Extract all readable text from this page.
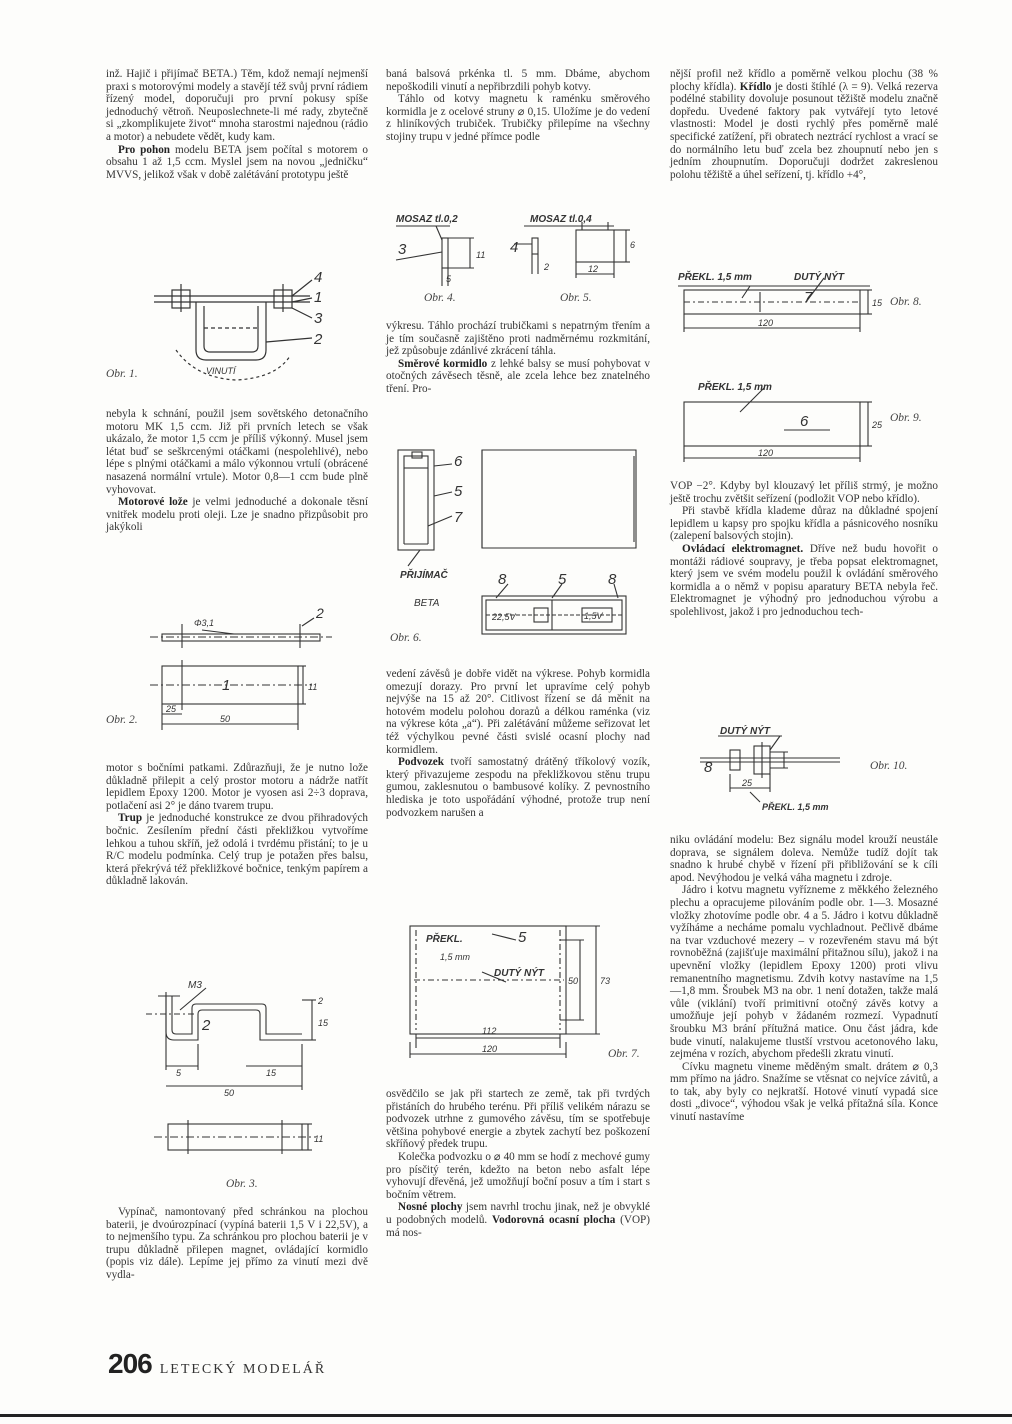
inž. Hajič i přijímač BETA.) Těm, kdož nemají nejmenší praxi s motorovými modely a stavějí též svůj první rádiem řízený model, doporučuji pro první pokusy spíše jednoduchý větroň. Neuposlechnete-li mé rady, zbytečně si „zkomplikujete život“ mnoha starostmi najednou (rádio a motor) a nebudete vědět, kudy kam.

Pro pohon modelu BETA jsem počítal s motorem o obsahu 1 až 1,5 ccm. Myslel jsem na novou „jedničku“ MVVS, jelikož však v době zalétávání prototypu ještě

4
1
3
2
VINUTÍ
Obr. 1.

nebyla k schnání, použil jsem sovětského detonačního motoru MK 1,5 ccm. Již při prvních letech se však ukázalo, že motor 1,5 ccm je příliš výkonný. Musel jsem létat buď se seškrcenými otáčkami (nespolehlivé), nebo lépe s plnými otáčkami a málo výkonnou vrtulí (obrácené nasazená normální vrtule). Motor 0,8—1 ccm bude plně vyhovovat.

Motorové lože je velmi jednoduché a dokonale těsní vnitřek modelu proti oleji. Lze je snadno přizpůsobit pro jakýkoli

Φ3,1
2
1	11
25
50
Obr. 2.

motor s bočními patkami. Zdůrazňuji, že je nutno lože důkladně přilepit a celý prostor motoru a nádrže natřít lepidlem Epoxy 1200. Motor je vyosen asi 2÷3 doprava, potlačení asi 2° je dáno tvarem trupu.

Trup je jednoduché konstrukce ze dvou přihradových bočnic. Zesílením přední části překližkou vytvoříme lehkou a tuhou skříň, jež odolá i tvrdému přistání; to je u R/C modelu podmínka. Celý trup je potažen přes balsu, která překrývá též překližkové bočnice, tenkým papírem a důkladně lakován.

M3
2	15
2
5	15
50
11
Obr. 3.

Vypínač, namontovaný před schránkou na plochou baterii, je dvoúrozpínací (vypíná baterii 1,5 V i 22,5V), a to nejmenšího typu. Za schránkou pro plochou baterii je v trupu důkladně přilepen magnet, ovládající kormidlo (popis viz dále). Lepíme jej přímo za vinutí mezi dvě vydla-

baná balsová prkénka tl. 5 mm. Dbáme, abychom nepoškodili vinutí a nepřibrzdili pohyb kotvy.

Táhlo od kotvy magnetu k raménku směrového kormidla je z ocelové struny ⌀ 0,15. Uložíme je do vedení z hliníkových trubiček. Trubičky přilepíme na všechny stojiny trupu v jedné přímce podle

MOSAZ tl.0,2
3	11
5
MOSAZ tl.0,4
4
2	12
6
Obr. 4.	Obr. 5.

výkresu. Táhlo prochází trubičkami s nepatrným třením a je tím současně zajištěno proti nadměrnému rozkmitání, jež způsobuje zdánlivé zkrácení táhla.

Směrové kormidlo z lehké balsy se musí pohybovat v otočných závěsech těsně, ale zcela lehce bez znatelného tření. Pro-

6
5
7
PŘIJÍMAČ
BETA
8	5	8
22,5V	1,5V
Obr. 6.

vedení závěsů je dobře vidět na výkrese. Pohyb kormidla omezují dorazy. Pro první let upravíme celý pohyb nejvýše na 15 až 20°. Citlivost řízení se dá měnit na hotovém modelu polohou dorazů a délkou raménka (viz na výkrese kóta „a“). Při zalétávání můžeme seřizovat let též výchylkou pevné části svislé ocasní plochy nad kormidlem.

Podvozek tvoří samostatný drátěný tříkolový vozík, který přivazujeme zespodu na překližkovou stěnu trupu gumou, zaklesnutou o bambusové kolíky. Z pevnostního hlediska je toto uspořádání výhodné, protože trup není podvozkem narušen a

PŘEKL.
1,5 mm
5
DUTÝ NÝT
50 73
112
120	Obr. 7.

osvědčilo se jak při startech ze země, tak při tvrdých přistáních do hrubého terénu. Při příliš velikém nárazu se podvozek utrhne z gumového závěsu, tím se spotřebuje většina pohybové energie a zbytek zachytí bez poškození skříňový předek trupu.

Kolečka podvozku o ⌀ 40 mm se hodí z mechové gumy pro písčitý terén, kdežto na beton nebo asfalt lépe vyhovují dřevěná, jež umožňují boční posuv a tím i start s bočním větrem.

Nosné plochy jsem navrhl trochu jinak, než je obvyklé u podobných modelů. Vodorovná ocasní plocha (VOP) má nos-

nější profil než křídlo a poměrně velkou plochu (38 % plochy křídla). Křídlo je dosti štíhlé (λ = 9). Velká rezerva podélné stability dovoluje posunout těžiště modelu značně dopředu. Uvedené faktory pak vytvářejí tyto letové vlastnosti: Model je dosti rychlý přes poměrně malé specifické zatížení, při obratech neztrácí rychlost a vrací se do normálního letu buď zcela bez zhoupnutí nebo jen s jedním zhoupnutím. Doporučuji dodržet zakreslenou polohu těžiště a úhel seřízení, tj. křídlo +4°,

PŘEKL. 1,5 mm	DUTÝ NÝT
7	15
120
Obr. 8.
PŘEKL. 1,5 mm
6	25
120
Obr. 9.

VOP −2°. Kdyby byl klouzavý let příliš strmý, je možno ještě trochu zvětšit seřízení (podložit VOP nebo křídlo).

Při stavbě křídla klademe důraz na důkladné spojení lepidlem u kapsy pro spojku křídla a pásnicového nosníku (zalepení balsových stojin).

Ovládací elektromagnet. Dříve než budu hovořit o montáži rádiové soupravy, je třeba popsat elektromagnet, který jsem ve svém modelu použil k ovládání směrového kormidla a o němž v popisu aparatury BETA nebyla řeč. Elektromagnet je výhodný pro jednoduchou výrobu a spolehlivost, jakož i pro jednoduchou tech-

DUTÝ NÝT
8
25
PŘEKL. 1,5 mm
Obr. 10.

niku ovládání modelu: Bez signálu model krouží neustále doprava, se signálem doleva. Nemůže tudíž dojít tak snadno k hrubé chybě v řízení při přibližování se k cíli apod. Nevýhodou je velká váha magnetu i zdroje.

Jádro i kotvu magnetu vyřízneme z měkkého železného plechu a opracujeme pilováním podle obr. 1—3. Mosazné vložky zhotovíme podle obr. 4 a 5. Jádro i kotvu důkladně vyžíháme a necháme pomalu vychladnout. Pečlivě dbáme na tvar vzduchové mezery – v rozevřeném stavu má být rovnoběžná (zajišťuje maximální přitažnou sílu), jakož i na upevnění vložky (lepidlem Epoxy 1200) proti vlivu remanentního magnetismu. Zdvih kotvy nastavíme na 1,5—1,8 mm. Šroubek M3 na obr. 1 není dotažen, takže malá vůle (viklání) tvoří primitivní otočný závěs kotvy a umožňuje její pohyb v žádaném rozmezí. Vypadnutí šroubku M3 brání přítužná matice. Onu část jádra, kde bude vinutí, nalakujeme tlustší vrstvou acetonového laku, zejména v rozích, abychom předešli zkratu vinutí.

Cívku magnetu vineme měděným smalt. drátem ⌀ 0,3 mm přímo na jádro. Snažíme se vtěsnat co nejvíce závitů, a to tak, aby byly co nejkratší. Hotové vinutí vypadá sice dosti „divoce“, výhodou však je velká přítažná síla. Konce vinutí nastavíme

206 LETECKÝ MODELÁŘ
